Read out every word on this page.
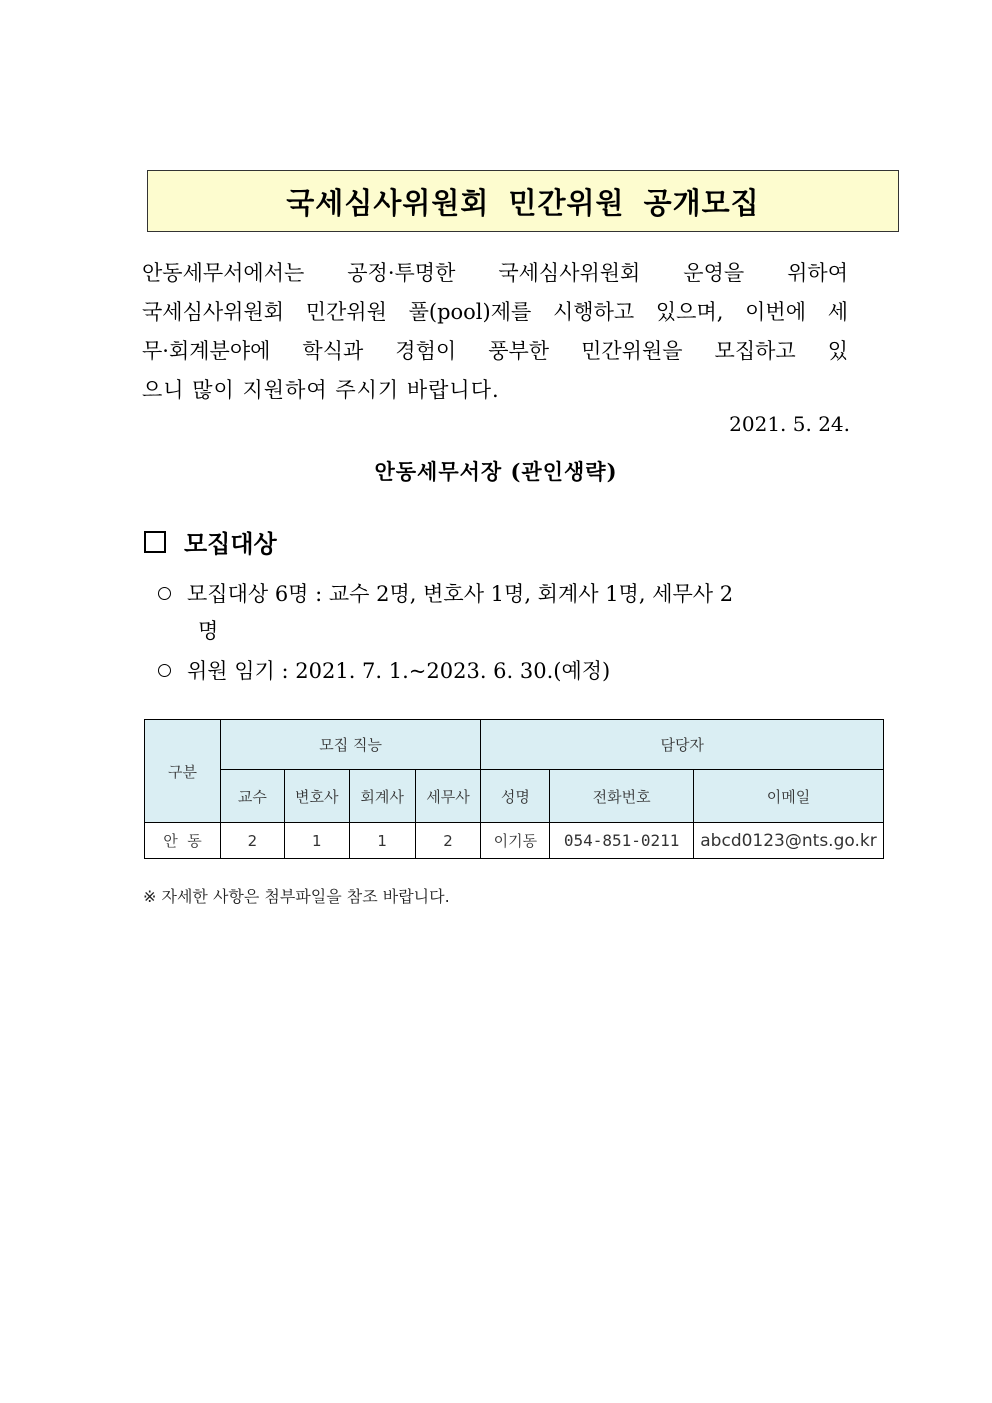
국세심사위원회 민간위원 공개모집
안동세무서에서는 공정·투명한 국세심사위원회 운영을 위하여
국세심사위원회 민간위원 풀(pool)제를 시행하고 있으며, 이번에 세
무·회계분야에 학식과 경험이 풍부한 민간위원을 모집하고 있
으니 많이 지원하여 주시기 바랍니다.
2021. 5. 24.
안동세무서장 (관인생략)
모집대상
모집대상 6명 : 교수 2명, 변호사 1명, 회계사 1명, 세무사 2
명
위원 임기 : 2021. 7. 1.~2023. 6. 30.(예정)
구분	모집 직능				담당자		
	교수	변호사	회계사	세무사	성명	전화번호	이메일
안  동	2	1	1	2	이기동	054-851-0211	abcd0123@nts.go.kr
※ 자세한 사항은 첨부파일을 참조 바랍니다.
